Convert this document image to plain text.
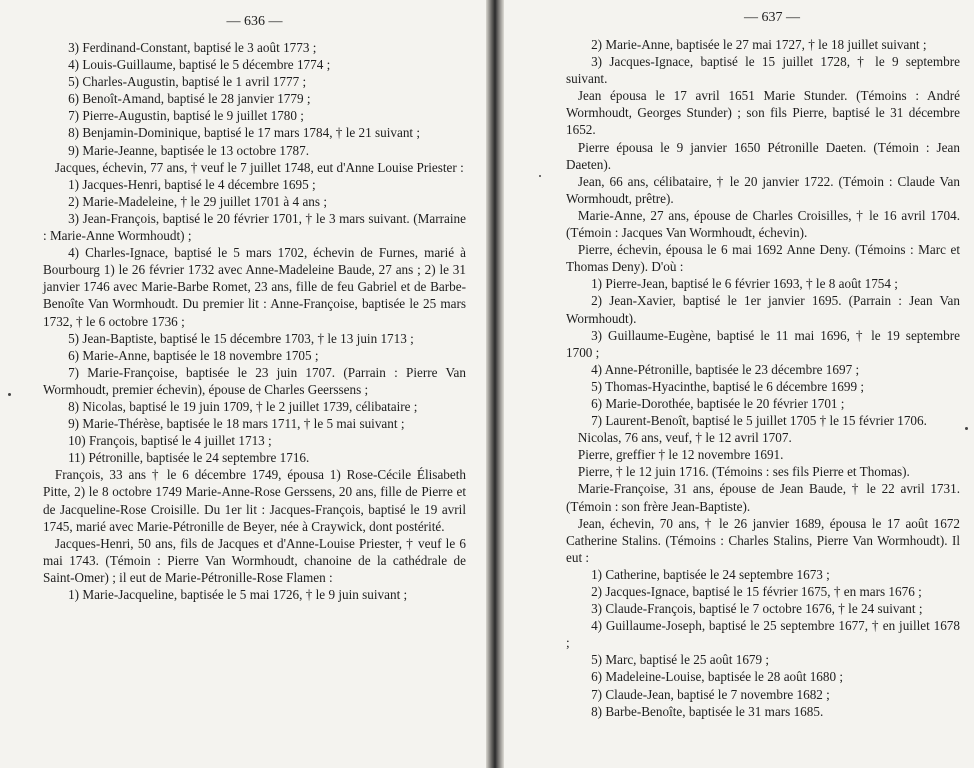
— 636 —

3) Ferdinand-Constant, baptisé le 3 août 1773 ;

4) Louis-Guillaume, baptisé le 5 décembre 1774 ;

5) Charles-Augustin, baptisé le 1 avril 1777 ;

6) Benoît-Amand, baptisé le 28 janvier 1779 ;

7) Pierre-Augustin, baptisé le 9 juillet 1780 ;

8) Benjamin-Dominique, baptisé le 17 mars 1784, † le 21 suivant ;

9) Marie-Jeanne, baptisée le 13 octobre 1787.

Jacques, échevin, 77 ans, † veuf le 7 juillet 1748, eut d'Anne Louise Priester :

1) Jacques-Henri, baptisé le 4 décembre 1695 ;

2) Marie-Madeleine, † le 29 juillet 1701 à 4 ans ;

3) Jean-François, baptisé le 20 février 1701, † le 3 mars suivant. (Marraine : Marie-Anne Wormhoudt) ;

4) Charles-Ignace, baptisé le 5 mars 1702, échevin de Furnes, marié à Bourbourg 1) le 26 février 1732 avec Anne-Madeleine Baude, 27 ans ; 2) le 31 janvier 1746 avec Marie-Barbe Romet, 23 ans, fille de feu Gabriel et de Barbe-Benoîte Van Wormhoudt. Du premier lit : Anne-Françoise, baptisée le 25 mars 1732, † le 6 octobre 1736 ;

5) Jean-Baptiste, baptisé le 15 décembre 1703, † le 13 juin 1713 ;

6) Marie-Anne, baptisée le 18 novembre 1705 ;

7) Marie-Françoise, baptisée le 23 juin 1707. (Parrain : Pierre Van Wormhoudt, premier échevin), épouse de Charles Geerssens ;

8) Nicolas, baptisé le 19 juin 1709, † le 2 juillet 1739, célibataire ;

9) Marie-Thérèse, baptisée le 18 mars 1711, † le 5 mai suivant ;

10) François, baptisé le 4 juillet 1713 ;

11) Pétronille, baptisée le 24 septembre 1716.

François, 33 ans † le 6 décembre 1749, épousa 1) Rose-Cécile Élisabeth Pitte, 2) le 8 octobre 1749 Marie-Anne-Rose Gerssens, 20 ans, fille de Pierre et de Jacqueline-Rose Croisille. Du 1er lit : Jacques-François, baptisé le 19 avril 1745, marié avec Marie-Pétronille de Beyer, née à Craywick, dont postérité.

Jacques-Henri, 50 ans, fils de Jacques et d'Anne-Louise Priester, † veuf le 6 mai 1743. (Témoin : Pierre Van Wormhoudt, chanoine de la cathédrale de Saint-Omer) ; il eut de Marie-Pétronille-Rose Flamen :

1) Marie-Jacqueline, baptisée le 5 mai 1726, † le 9 juin suivant ;

— 637 —

2) Marie-Anne, baptisée le 27 mai 1727, † le 18 juillet suivant ;

3) Jacques-Ignace, baptisé le 15 juillet 1728, † le 9 septembre suivant.

Jean épousa le 17 avril 1651 Marie Stunder. (Témoins : André Wormhoudt, Georges Stunder) ; son fils Pierre, baptisé le 31 décembre 1652.

Pierre épousa le 9 janvier 1650 Pétronille Daeten. (Témoin : Jean Daeten).

Jean, 66 ans, célibataire, † le 20 janvier 1722. (Témoin : Claude Van Wormhoudt, prêtre).

Marie-Anne, 27 ans, épouse de Charles Croisilles, † le 16 avril 1704. (Témoin : Jacques Van Wormhoudt, échevin).

Pierre, échevin, épousa le 6 mai 1692 Anne Deny. (Témoins : Marc et Thomas Deny). D'où :

1) Pierre-Jean, baptisé le 6 février 1693, † le 8 août 1754 ;

2) Jean-Xavier, baptisé le 1er janvier 1695. (Parrain : Jean Van Wormhoudt).

3) Guillaume-Eugène, baptisé le 11 mai 1696, † le 19 septembre 1700 ;

4) Anne-Pétronille, baptisée le 23 décembre 1697 ;

5) Thomas-Hyacinthe, baptisé le 6 décembre 1699 ;

6) Marie-Dorothée, baptisée le 20 février 1701 ;

7) Laurent-Benoît, baptisé le 5 juillet 1705 † le 15 février 1706.

Nicolas, 76 ans, veuf, † le 12 avril 1707.

Pierre, greffier † le 12 novembre 1691.

Pierre, † le 12 juin 1716. (Témoins : ses fils Pierre et Thomas).

Marie-Françoise, 31 ans, épouse de Jean Baude, † le 22 avril 1731. (Témoin : son frère Jean-Baptiste).

Jean, échevin, 70 ans, † le 26 janvier 1689, épousa le 17 août 1672 Catherine Stalins. (Témoins : Charles Stalins, Pierre Van Wormhoudt). Il eut :

1) Catherine, baptisée le 24 septembre 1673 ;

2) Jacques-Ignace, baptisé le 15 février 1675, † en mars 1676 ;

3) Claude-François, baptisé le 7 octobre 1676, † le 24 suivant ;

4) Guillaume-Joseph, baptisé le 25 septembre 1677, † en juillet 1678 ;

5) Marc, baptisé le 25 août 1679 ;

6) Madeleine-Louise, baptisée le 28 août 1680 ;

7) Claude-Jean, baptisé le 7 novembre 1682 ;

8) Barbe-Benoîte, baptisée le 31 mars 1685.
